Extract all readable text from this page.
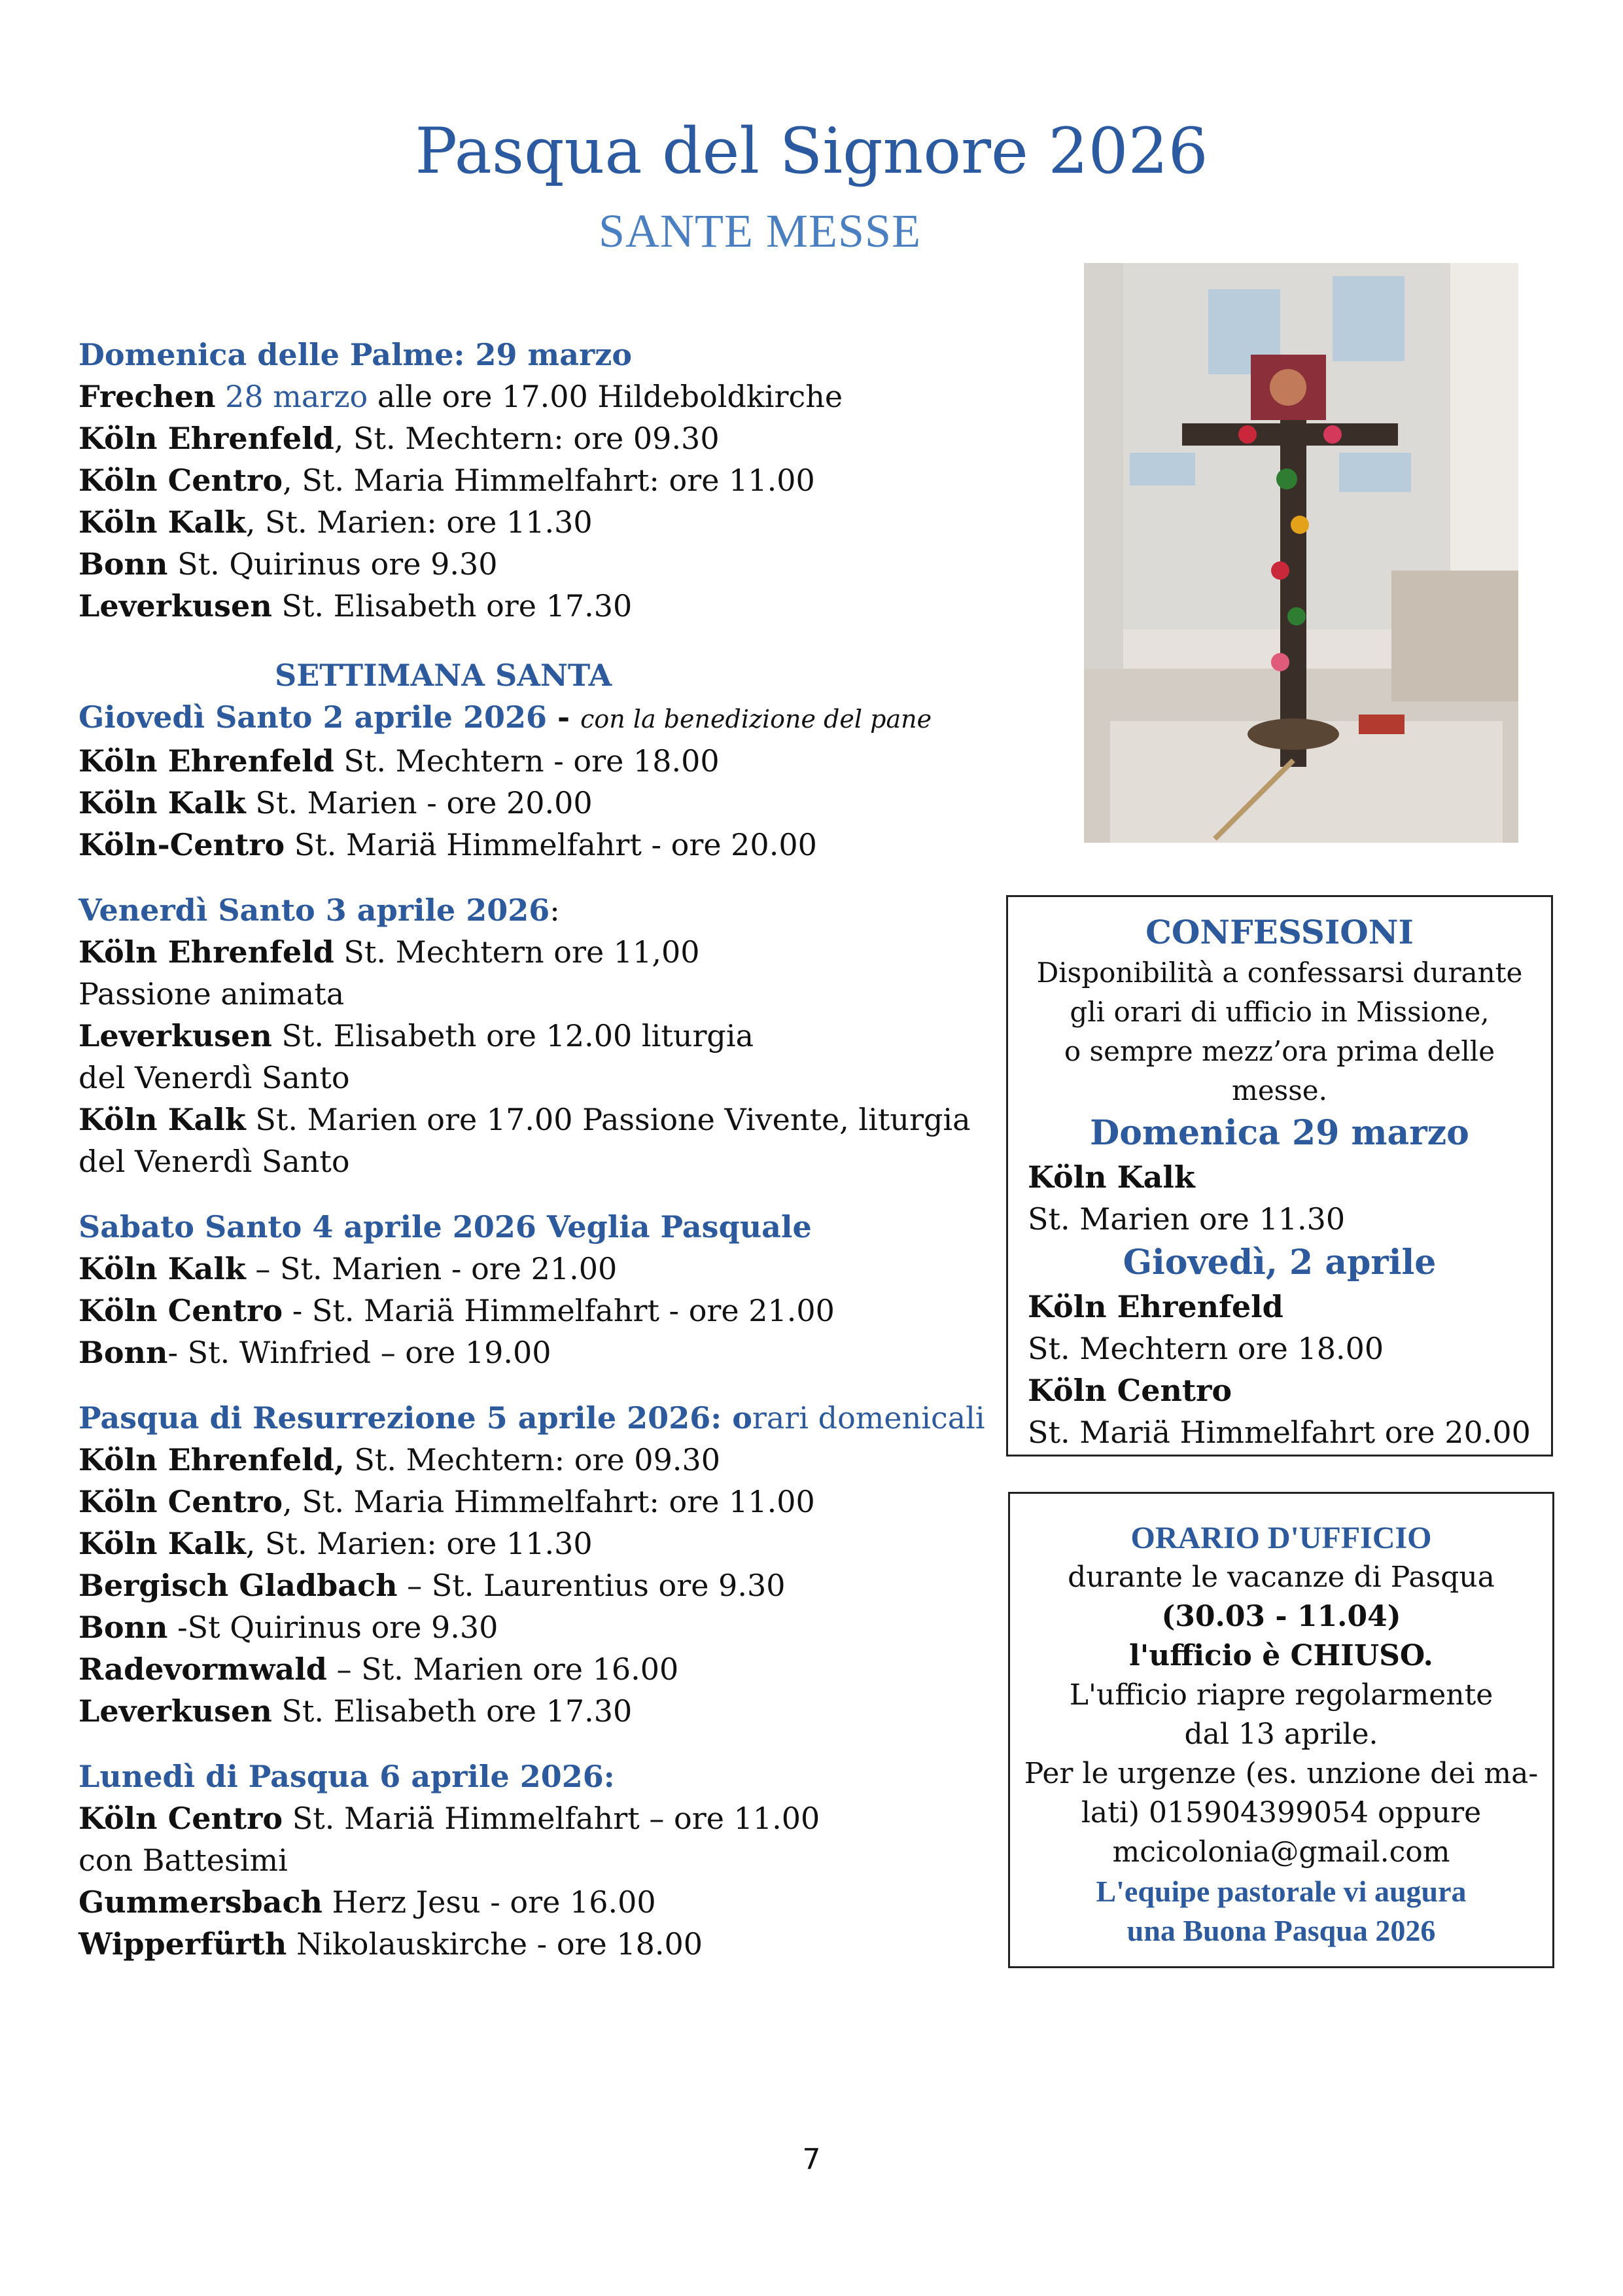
Pasqua del Signore 2026
SANTE MESSE
Domenica delle Palme: 29 marzo
Frechen 28 marzo alle ore 17.00 Hildeboldkirche
Köln Ehrenfeld, St. Mechtern: ore 09.30
Köln Centro, St. Maria Himmelfahrt: ore 11.00
Köln Kalk, St. Marien: ore 11.30
Bonn St. Quirinus ore 9.30
Leverkusen St. Elisabeth ore 17.30
SETTIMANA SANTA
Giovedì Santo 2 aprile 2026 - con la benedizione del pane
Köln Ehrenfeld St. Mechtern - ore 18.00
Köln Kalk St. Marien - ore 20.00
Köln-Centro St. Mariä Himmelfahrt - ore 20.00
Venerdì Santo 3 aprile 2026:
Köln Ehrenfeld St. Mechtern ore 11,00
Passione animata
Leverkusen St. Elisabeth ore 12.00 liturgia
del Venerdì Santo
Köln Kalk St. Marien ore 17.00 Passione Vivente, liturgia
del Venerdì Santo
Sabato Santo 4 aprile 2026 Veglia Pasquale
Köln Kalk – St. Marien - ore 21.00
Köln Centro - St. Mariä Himmelfahrt - ore 21.00
Bonn- St. Winfried – ore 19.00
Pasqua di Resurrezione 5 aprile 2026: orari domenicali
Köln Ehrenfeld, St. Mechtern: ore 09.30
Köln Centro, St. Maria Himmelfahrt: ore 11.00
Köln Kalk, St. Marien: ore 11.30
Bergisch Gladbach – St. Laurentius ore 9.30
Bonn -St Quirinus ore 9.30
Radevormwald – St. Marien ore 16.00
Leverkusen St. Elisabeth ore 17.30
Lunedì di Pasqua 6 aprile 2026:
Köln Centro St. Mariä Himmelfahrt – ore 11.00
con Battesimi
Gummersbach Herz Jesu - ore 16.00
Wipperfürth Nikolauskirche - ore 18.00
CONFESSIONI
Disponibilità a confessarsi durante
gli orari di ufficio in Missione,
o sempre mezz’ora prima delle
messe.
Domenica 29 marzo
Köln Kalk
St. Marien ore 11.30
Giovedì, 2 aprile
Köln Ehrenfeld
St. Mechtern ore 18.00
Köln Centro
St. Mariä Himmelfahrt ore 20.00
ORARIO D'UFFICIO
durante le vacanze di Pasqua
(30.03 - 11.04)
l'ufficio è CHIUSO.
L'ufficio riapre regolarmente
dal 13 aprile.
Per le urgenze (es. unzione dei ma-
lati) 015904399054 oppure
mcicolonia@gmail.com
L'equipe pastorale vi augura
una Buona Pasqua 2026
7
